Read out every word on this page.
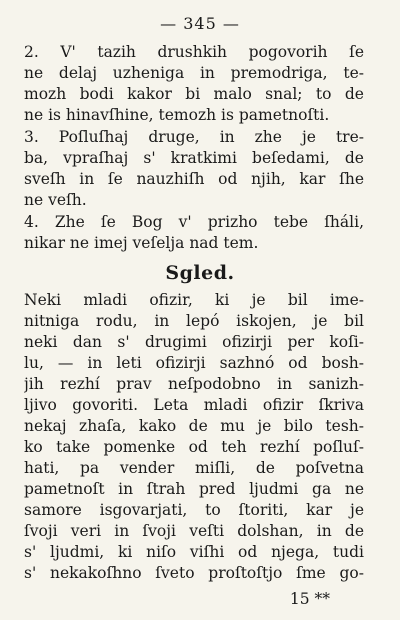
— 345 —
2. V' tazih drushkih pogovorih ſe
ne delaj uzheniga in premodriga, te-
mozh bodi kakor bi malo snal; to de
ne is hinavſhine, temozh is pametnoſti.
3. Poſluſhaj druge, in zhe je tre-
ba, vpraſhaj s' kratkimi beſedami, de
sveſh in ſe nauzhiſh od njih, kar ſhe
ne veſh.
4. Zhe ſe Bog v' prizho tebe ſháli,
nikar ne imej veſelja nad tem.
Sgled.
Neki mladi ofizir, ki je bil ime-
nitniga rodu, in lepó iskojen, je bil
neki dan s' drugimi ofizirji per koſi-
lu, — in leti ofizirji sazhnó od bosh-
jih rezhí prav neſpodobno in sanizh-
ljivo govoriti. Leta mladi ofizir ſkriva
nekaj zhaſa, kako de mu je bilo tesh-
ko take pomenke od teh rezhí poſluſ-
hati, pa vender miſli, de poſvetna
pametnoſt in ſtrah pred ljudmi ga ne
samore isgovarjati, to ſtoriti, kar je
ſvoji veri in ſvoji veſti dolshan, in de
s' ljudmi, ki niſo viſhi od njega, tudi
s' nekakoſhno ſveto proſtoſtjo ſme go-
15 **
